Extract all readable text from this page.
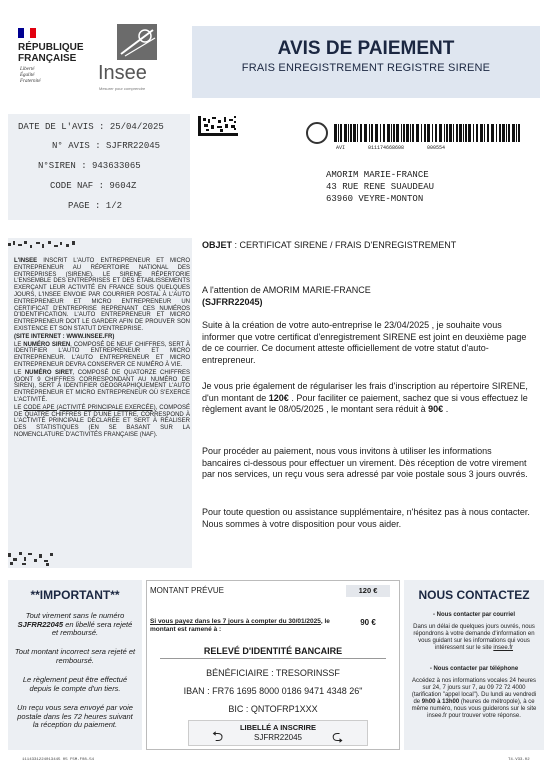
RÉPUBLIQUE
FRANÇAISE
Liberté
Égalité
Fraternité	Insee
Mesurer pour comprendre
AVIS DE PAIEMENT
FRAIS ENREGISTREMENT REGISTRE SIRENE
DATE DE L'AVIS : 25/04/2025
N° AVIS : SJFRR22045
N°SIREN : 943633065
CODE NAF : 9604Z
PAGE : 1/2
AVI 011174668608 000554
AMORIM MARIE-FRANCE
43 RUE RENE SUAUDEAU
63960 VEYRE-MONTON

L'INSEE INSCRIT L'AUTO ENTREPRENEUR ET MICRO ENTREPRENEUR AU RÉPERTOIRE NATIONAL DES ENTREPRISES (SIRENE). LE SIRENE RÉPERTORIE L'ENSEMBLE DES ENTREPRISES ET DES ÉTABLISSEMENTS EXERÇANT LEUR ACTIVITÉ EN FRANCE SOUS QUELQUES JOURS, L'INSEE ENVOIE PAR COURRIER POSTAL À L'AUTO ENTREPRENEUR ET MICRO ENTREPRENEUR UN CERTIFICAT D'ENTREPRISE REPRENANT CES NUMÉROS D'IDENTIFICATION. L'AUTO ENTREPRENEUR ET MICRO ENTREPRENEUR DOIT LE GARDER AFIN DE PROUVER SON EXISTENCE ET SON STATUT D'ENTREPRISE.

(SITE INTERNET : WWW.INSEE.FR)

LE NUMÉRO SIREN, COMPOSÉ DE NEUF CHIFFRES, SERT À IDENTIFIER L'AUTO ENTREPRENEUR ET MICRO ENTREPRENEUR. L'AUTO ENTREPRENEUR ET MICRO ENTREPRENEUR DEVRA CONSERVER CE NUMÉRO À VIE.

LE NUMÉRO SIRET, COMPOSÉ DE QUATORZE CHIFFRES (DONT 9 CHIFFRES CORRESPONDANT AU NUMÉRO DE SIREN), SERT À IDENTIFIER GÉOGRAPHIQUEMENT L'AUTO ENTREPRENEUR ET MICRO ENTREPRENEUR OÙ S'EXERCE L'ACTIVITÉ.

LE CODE APE (ACTIVITÉ PRINCIPALE EXERCÉE), COMPOSÉ DE QUATRE CHIFFRES ET D'UNE LETTRE, CORRESPOND À L'ACTIVITÉ PRINCIPALE DÉCLARÉE ET SERT À RÉALISER DES STATISTIQUES (EN SE BASANT SUR LA NOMENCLATURE D'ACTIVITÉS FRANÇAISE (NAF).

OBJET : CERTIFICAT SIRENE / FRAIS D'ENREGISTREMENT
A l'attention de AMORIM MARIE-FRANCE
(SJFRR22045)
Suite à la création de votre auto-entreprise le 23/04/2025 , je souhaite vous informer que votre certificat d'enregistrement SIRENE est joint en deuxième page de ce courrier. Ce document atteste officiellement de votre statut d'auto-entrepreneur.
Je vous prie également de régulariser les frais d'inscription au répertoire SIRENE, d'un montant de 120€ . Pour faciliter ce paiement, sachez que si vous effectuez le règlement avant le 08/05/2025 , le montant sera réduit à 90€ .
Pour procéder au paiement, nous vous invitons à utiliser les informations bancaires ci-dessous pour effectuer un virement. Dès réception de votre virement par nos services, un reçu vous sera adressé par voie postale sous 3 jours ouvrés.
Pour toute question ou assistance supplémentaire, n'hésitez pas à nous contacter. Nous sommes à votre disposition pour vous aider.
**IMPORTANT**
Tout virement sans le numéro SJFRR22045 en libellé sera rejeté et remboursé.
Tout montant incorrect sera rejeté et remboursé.
Le règlement peut être effectué depuis le compte d'un tiers.
Un reçu vous sera envoyé par voie postale dans les 72 heures suivant la réception du paiement.
MONTANT PRÉVUE	120 €
Si vous payez dans les 7 jours à compter du 30/01/2025, le montant est ramené à :
90 €
RELEVÉ D'IDENTITÉ BANCAIRE
BÉNÉFICIAIRE : TRESORINSSF
IBAN : FR76 1695 8000 0186 9471 4348 26"
BIC : QNTOFRP1XXX
⮌	⮎
LIBELLÉ A INSCRIRE
SJFRR22045
NOUS CONTACTEZ
- Nous contacter par courriel
Dans un délai de quelques jours ouvrés, nous répondrons à votre demande d'information en vous guidant sur les informations qui vous intéressent sur le site insee.fr
- Nous contacter par téléphone
Accédez à nos informations vocales 24 heures sur 24, 7 jours sur 7, au 09 72 72 4000 (tarification "appel local"). Du lundi au vendredi de 9h00 à 13h00 (heures de métropole), à ce même numéro, nous vous guiderons sur le site insee.fr pour trouver votre réponse.
1114331224013445 05 F5M-F08-54	T4.V33.02
